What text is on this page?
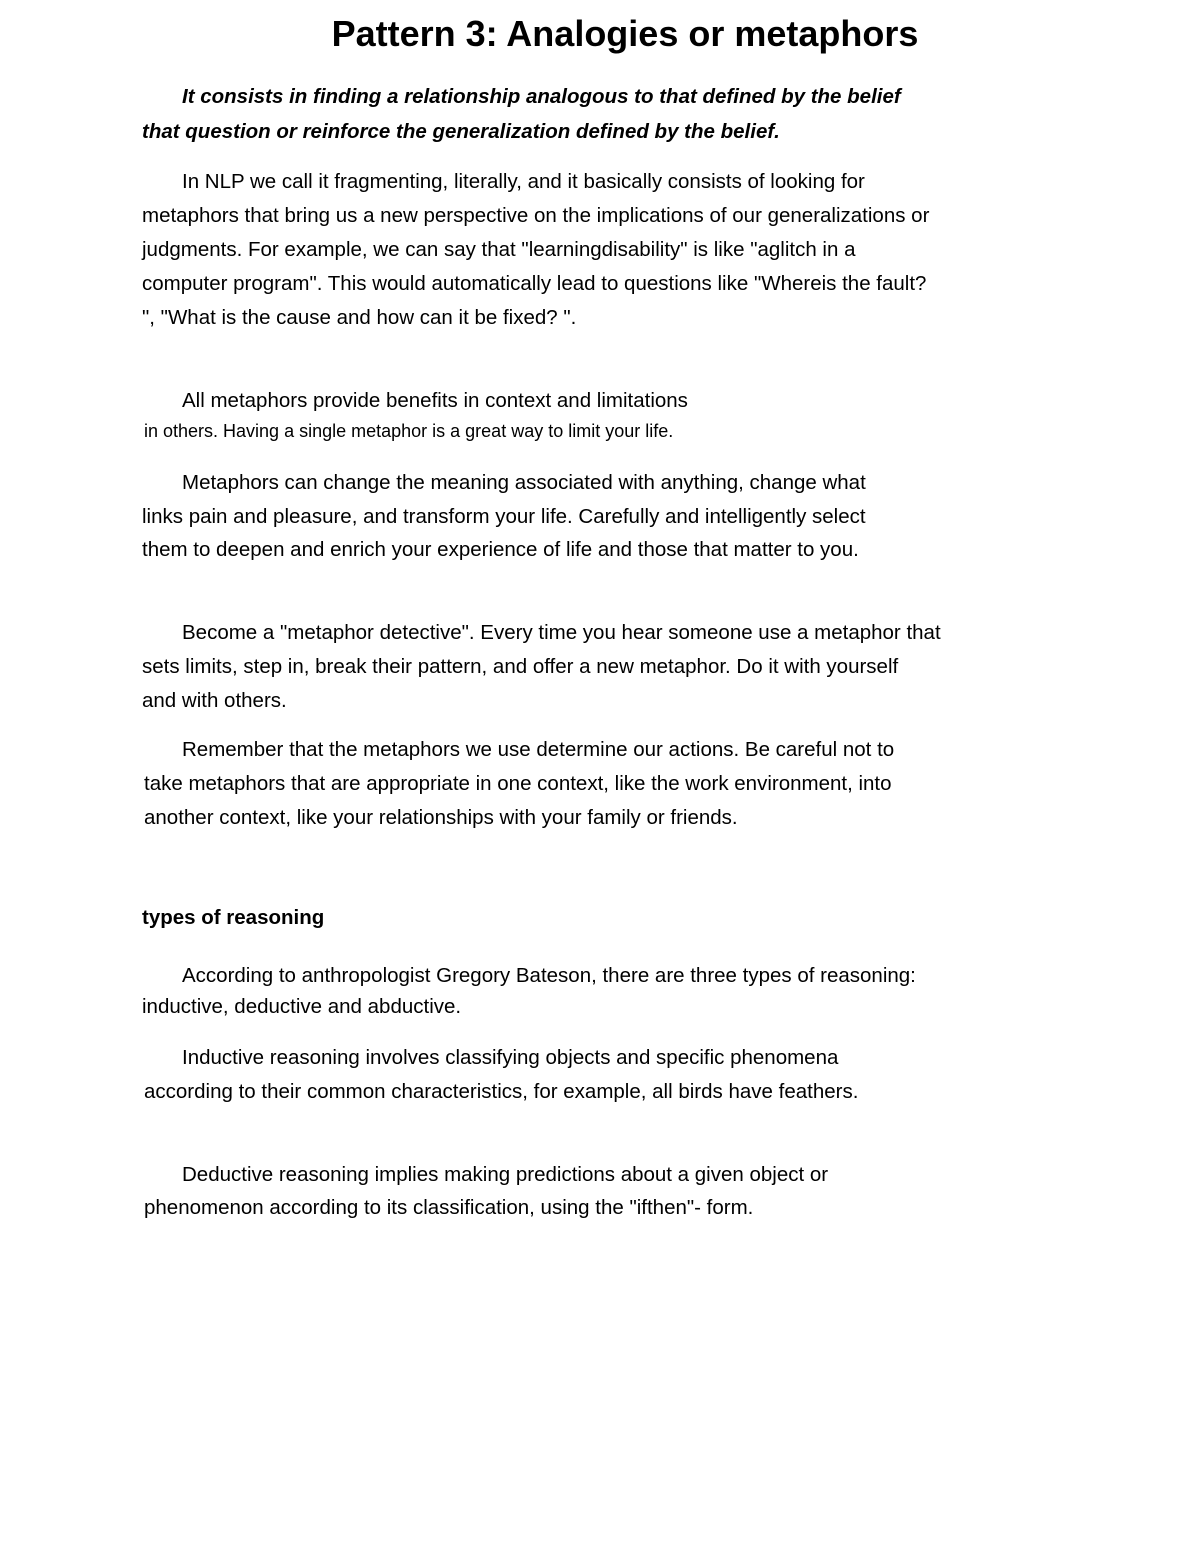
Pattern 3: Analogies or metaphors
It consists in finding a relationship analogous to that defined by the belief
that question or reinforce the generalization defined by the belief.
In NLP we call it fragmenting, literally, and it basically consists of looking for
metaphors that bring us a new perspective on the implications of our generalizations or
judgments. For example, we can say that "learningdisability" is like "aglitch in a
computer program". This would automatically lead to questions like "Whereis the fault?
", "What is the cause and how can it be fixed? ".
All metaphors provide benefits in context and limitations
in others. Having a single metaphor is a great way to limit your life.
Metaphors can change the meaning associated with anything, change what
links pain and pleasure, and transform your life. Carefully and intelligently select
them to deepen and enrich your experience of life and those that matter to you.
Become a "metaphor detective". Every time you hear someone use a metaphor that
sets limits, step in, break their pattern, and offer a new metaphor. Do it with yourself
and with others.
Remember that the metaphors we use determine our actions. Be careful not to
take metaphors that are appropriate in one context, like the work environment, into
another context, like your relationships with your family or friends.
types of reasoning
According to anthropologist Gregory Bateson, there are three types of reasoning:
inductive, deductive and abductive.
Inductive reasoning involves classifying objects and specific phenomena
according to their common characteristics, for example, all birds have feathers.
Deductive reasoning implies making predictions about a given object or
phenomenon according to its classification, using the "ifthen"- form.
